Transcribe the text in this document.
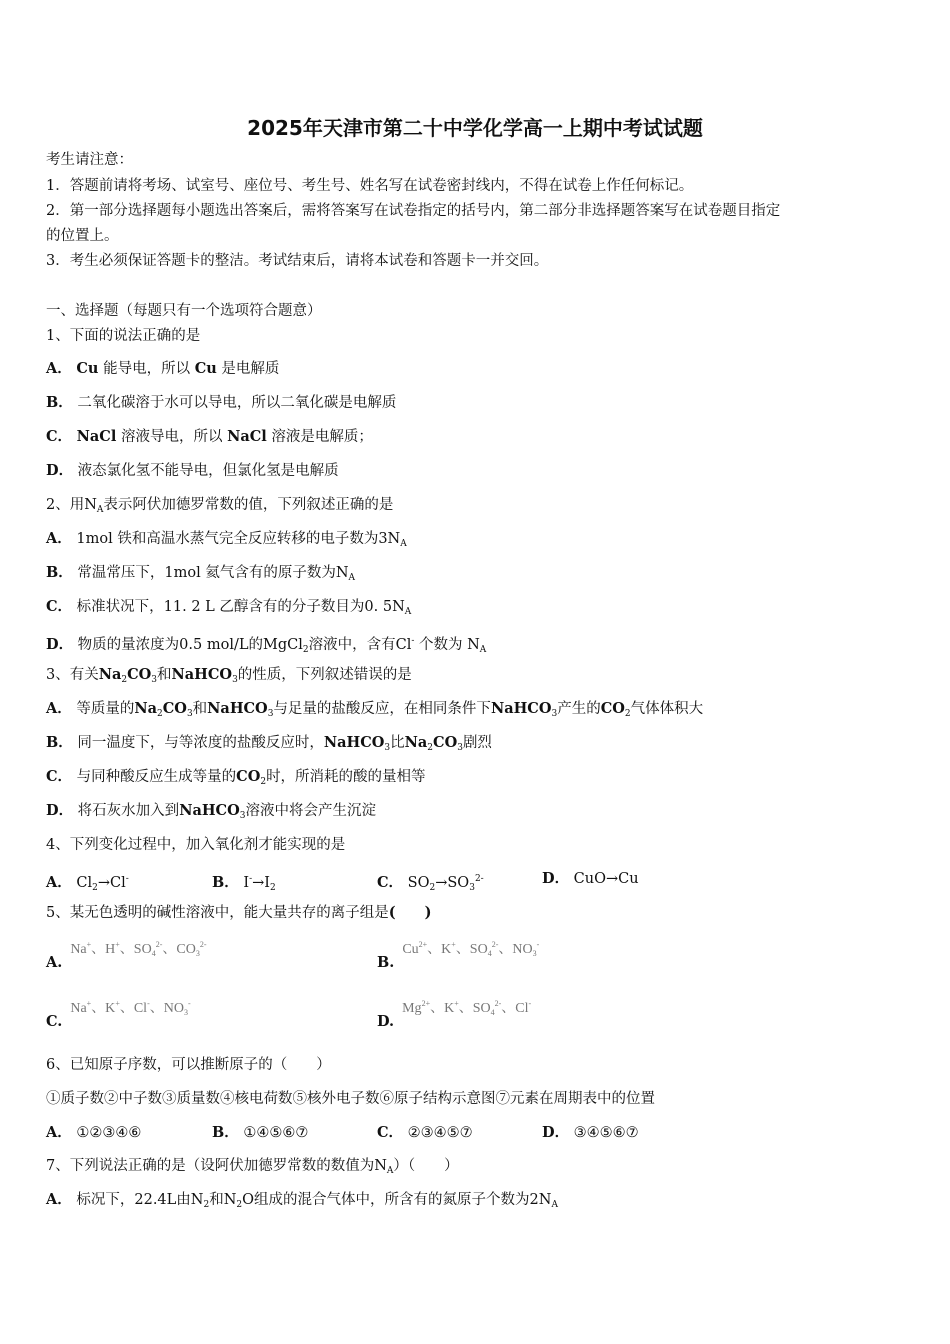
2025年天津市第二十中学化学高一上期中考试试题
考生请注意：
1．答题前请将考场、试室号、座位号、考生号、姓名写在试卷密封线内，不得在试卷上作任何标记。
2．第一部分选择题每小题选出答案后，需将答案写在试卷指定的括号内，第二部分非选择题答案写在试卷题目指定
的位置上。
3．考生必须保证答题卡的整洁。考试结束后，请将本试卷和答题卡一并交回。
一、选择题（每题只有一个选项符合题意）
1、下面的说法正确的是
A． Cu 能导电，所以 Cu 是电解质
B． 二氧化碳溶于水可以导电，所以二氧化碳是电解质
C． NaCl 溶液导电，所以 NaCl 溶液是电解质；
D． 液态氯化氢不能导电，但氯化氢是电解质
2、用$N_A$表示阿伏加德罗常数的值，下列叙述正确的是
A． 1mol 铁和高温水蒸气完全反应转移的电子数为$3N_A$
B． 常温常压下，1mol 氦气含有的原子数为$N_A$
C． 标准状况下，11. 2 L 乙醇含有的分子数目为0. $5N_A$
D． 物质的量浓度为0.5 mol/L的MgCl$_2$溶液中，含有Cl- 个数为 $N_A$
3、有关$Na_2CO_3$和NaHCO$_3$的性质，下列叙述错误的是
A． 等质量的$Na_2CO_3$和NaHCO$_3$与足量的盐酸反应，在相同条件下NaHCO$_3$产生的$CO_2$气体体积大
B． 同一温度下，与等浓度的盐酸反应时，NaHCO$_3$比$Na_2CO_3$剧烈
C． 与同种酸反应生成等量的$CO_2$时，所消耗的酸的量相等
D． 将石灰水加入到NaHCO$_3$溶液中将会产生沉淀
4、下列变化过程中，加入氧化剂才能实现的是
A． $Cl_2\to Cl^-$	B． $I^-\to I_2$	C． $SO_2\to SO_3^{2-}$	D． CuO→Cu
5、某无色透明的碱性溶液中，能大量共存的离子组是(　　)
A.Na+、H+、$SO_4^{2-}$、$CO_3^{2-}$
$B.Cu^{2+}$、K+、$SO_4^{2-}$、$NO_3^-$
C.Na+、K+、Cl-、$NO_3^-$
$D.Mg^{2+}$、K+、$SO_4^{2-}$、Cl-
6、已知原子序数，可以推断原子的（　　）
①质子数②中子数③质量数④核电荷数⑤核外电子数⑥原子结构示意图⑦元素在周期表中的位置
A． ①②③④⑥	B． ①④⑤⑥⑦	C． ②③④⑤⑦	D． ③④⑤⑥⑦
7、下列说法正确的是（设阿伏加德罗常数的数值为$N_A$）（　　）
A． 标况下，22.4L由$N_2$和$N_2O$组成的混合气体中，所含有的氮原子个数为$2N_A$
